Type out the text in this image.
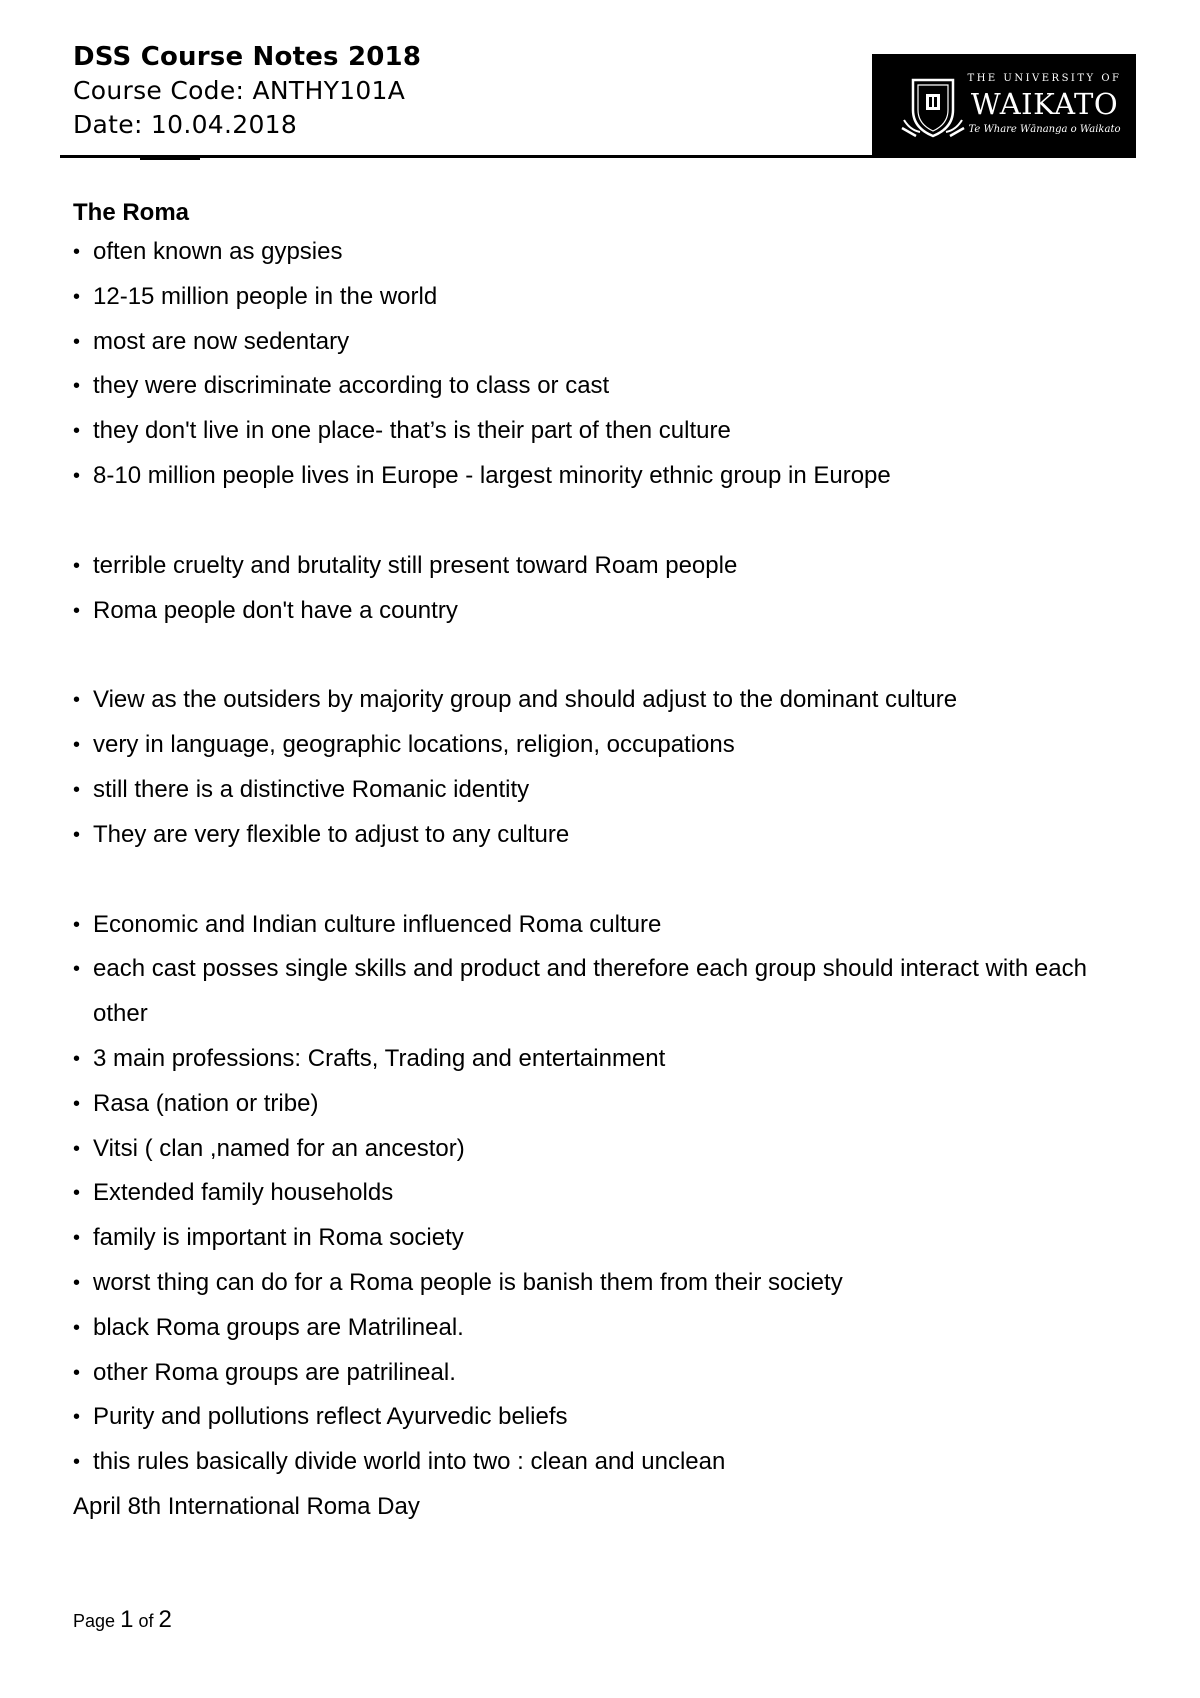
DSS Course Notes 2018
Course Code: ANTHY101A
Date: 10.04.2018
THE UNIVERSITY OF
WAIKATO
Te Whare Wānanga o Waikato
The Roma
• often known as gypsies
• 12-15 million people in the world
• most are now sedentary
• they were discriminate according to class or cast
• they don't live in one place- that’s is their part of then culture
• 8-10 million people lives in Europe - largest minority ethnic group in Europe
• terrible cruelty and brutality still present toward Roam people
• Roma people don't have a country
• View as the outsiders by majority group and should adjust to the dominant culture
• very in language, geographic locations, religion, occupations
• still there is a distinctive Romanic identity
• They are very flexible to adjust to any culture
• Economic and Indian culture influenced Roma culture
• each cast posses single skills and product and therefore each group should interact with each other
• 3 main professions: Crafts, Trading and entertainment
• Rasa (nation or tribe)
• Vitsi ( clan ,named for an ancestor)
• Extended family households
• family is important in Roma society
• worst thing can do for a Roma people is banish them from their society
• black Roma groups are Matrilineal.
• other Roma groups are patrilineal.
• Purity and pollutions reflect Ayurvedic beliefs
• this rules basically divide world into two : clean and unclean
April 8th International Roma Day
Page 1 of 2
